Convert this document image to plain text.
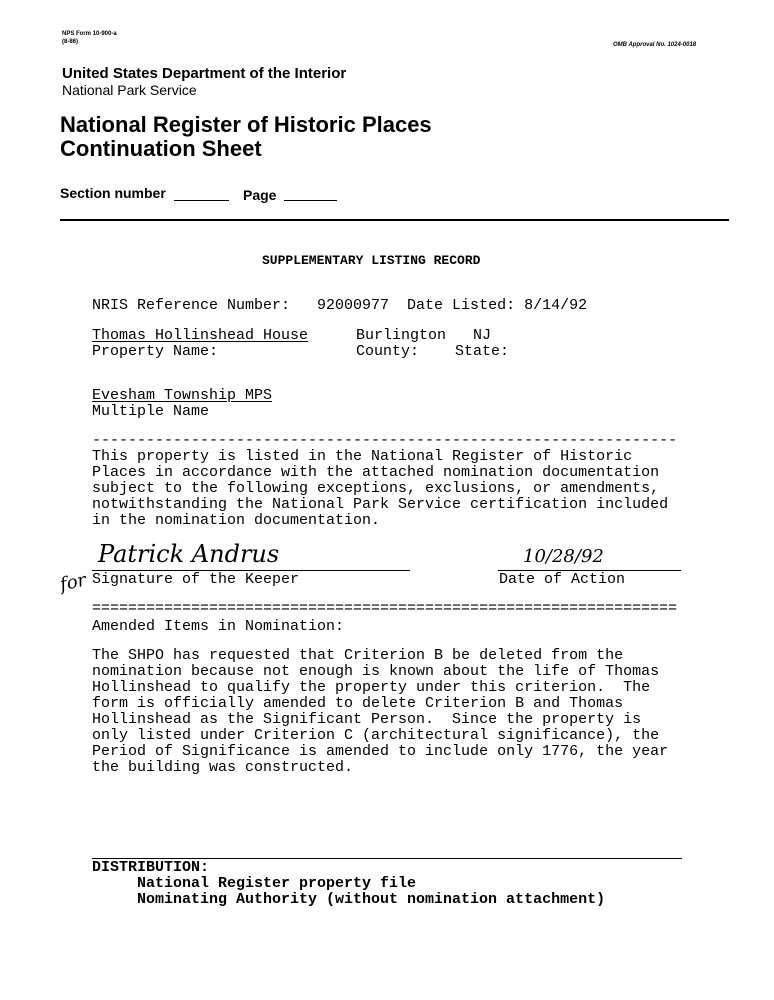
NPS Form 10-900-a
(8-86)	OMB Approval No. 1024-0018
United States Department of the Interior
National Park Service
National Register of Historic Places
Continuation Sheet
Section number	Page
SUPPLEMENTARY LISTING RECORD
NRIS Reference Number:   92000977  Date Listed: 8/14/92
Thomas Hollinshead House	Burlington NJ
Property Name:	County: State:
Evesham Township MPS
Multiple Name
-----------------------------------------------------------------
This property is listed in the National Register of Historic
Places in accordance with the attached nomination documentation
subject to the following exceptions, exclusions, or amendments,
notwithstanding the National Park Service certification included
in the nomination documentation.
Patrick Andrus
for
10/28/92
Signature of the Keeper	Date of Action
=================================================================
Amended Items in Nomination:
The SHPO has requested that Criterion B be deleted from the
nomination because not enough is known about the life of Thomas
Hollinshead to qualify the property under this criterion.  The
form is officially amended to delete Criterion B and Thomas
Hollinshead as the Significant Person.  Since the property is
only listed under Criterion C (architectural significance), the
Period of Significance is amended to include only 1776, the year
the building was constructed.
DISTRIBUTION:
National Register property file
Nominating Authority (without nomination attachment)
